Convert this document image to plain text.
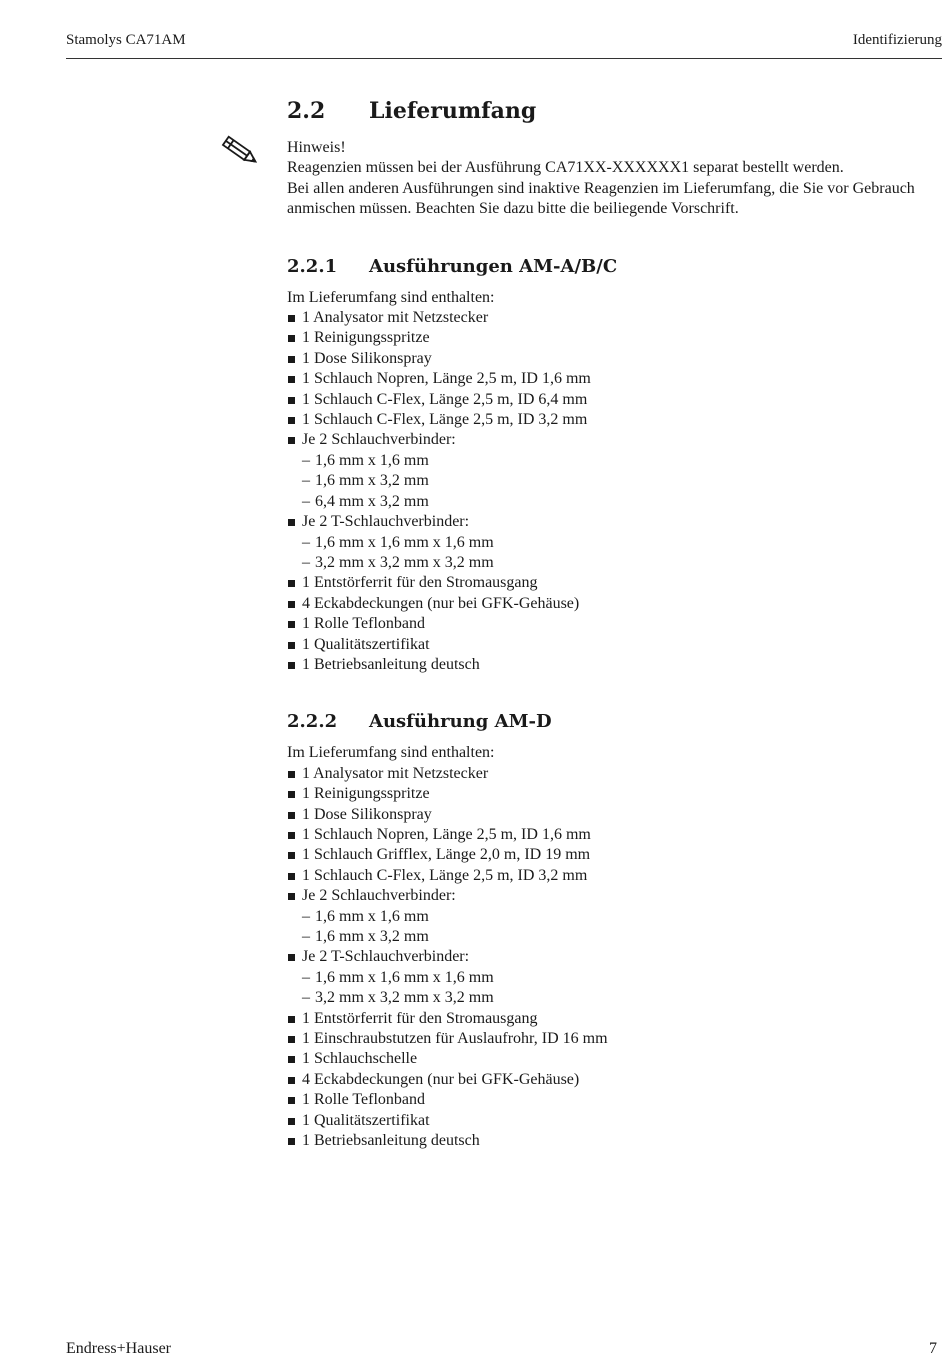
Stamolys CA71AM	Identifizierung
2.2	Lieferumfang

Hinweis!

Reagenzien müssen bei der Ausführung CA71XX-XXXXXX1 separat bestellt werden.

Bei allen anderen Ausführungen sind inaktive Reagenzien im Lieferumfang, die Sie vor Gebrauch anmischen müssen. Beachten Sie dazu bitte die beiliegende Vorschrift.

2.2.1	Ausführungen AM-A/B/C

Im Lieferumfang sind enthalten:

1 Analysator mit Netzstecker
1 Reinigungsspritze
1 Dose Silikonspray
1 Schlauch Nopren, Länge 2,5 m, ID 1,6 mm
1 Schlauch C-Flex, Länge 2,5 m, ID 6,4 mm
1 Schlauch C-Flex, Länge 2,5 m, ID 3,2 mm
Je 2 Schlauchverbinder:
– 1,6 mm x 1,6 mm
– 1,6 mm x 3,2 mm
– 6,4 mm x 3,2 mm
Je 2 T-Schlauchverbinder:
– 1,6 mm x 1,6 mm x 1,6 mm
– 3,2 mm x 3,2 mm x 3,2 mm
1 Entstörferrit für den Stromausgang
4 Eckabdeckungen (nur bei GFK-Gehäuse)
1 Rolle Teflonband
1 Qualitätszertifikat
1 Betriebsanleitung deutsch
2.2.2	Ausführung AM-D

Im Lieferumfang sind enthalten:

1 Analysator mit Netzstecker
1 Reinigungsspritze
1 Dose Silikonspray
1 Schlauch Nopren, Länge 2,5 m, ID 1,6 mm
1 Schlauch Grifflex, Länge 2,0 m, ID 19 mm
1 Schlauch C-Flex, Länge 2,5 m, ID 3,2 mm
Je 2 Schlauchverbinder:
– 1,6 mm x 1,6 mm
– 1,6 mm x 3,2 mm
Je 2 T-Schlauchverbinder:
– 1,6 mm x 1,6 mm x 1,6 mm
– 3,2 mm x 3,2 mm x 3,2 mm
1 Entstörferrit für den Stromausgang
1 Einschraubstutzen für Auslaufrohr, ID 16 mm
1 Schlauchschelle
4 Eckabdeckungen (nur bei GFK-Gehäuse)
1 Rolle Teflonband
1 Qualitätszertifikat
1 Betriebsanleitung deutsch
Endress+Hauser	7
